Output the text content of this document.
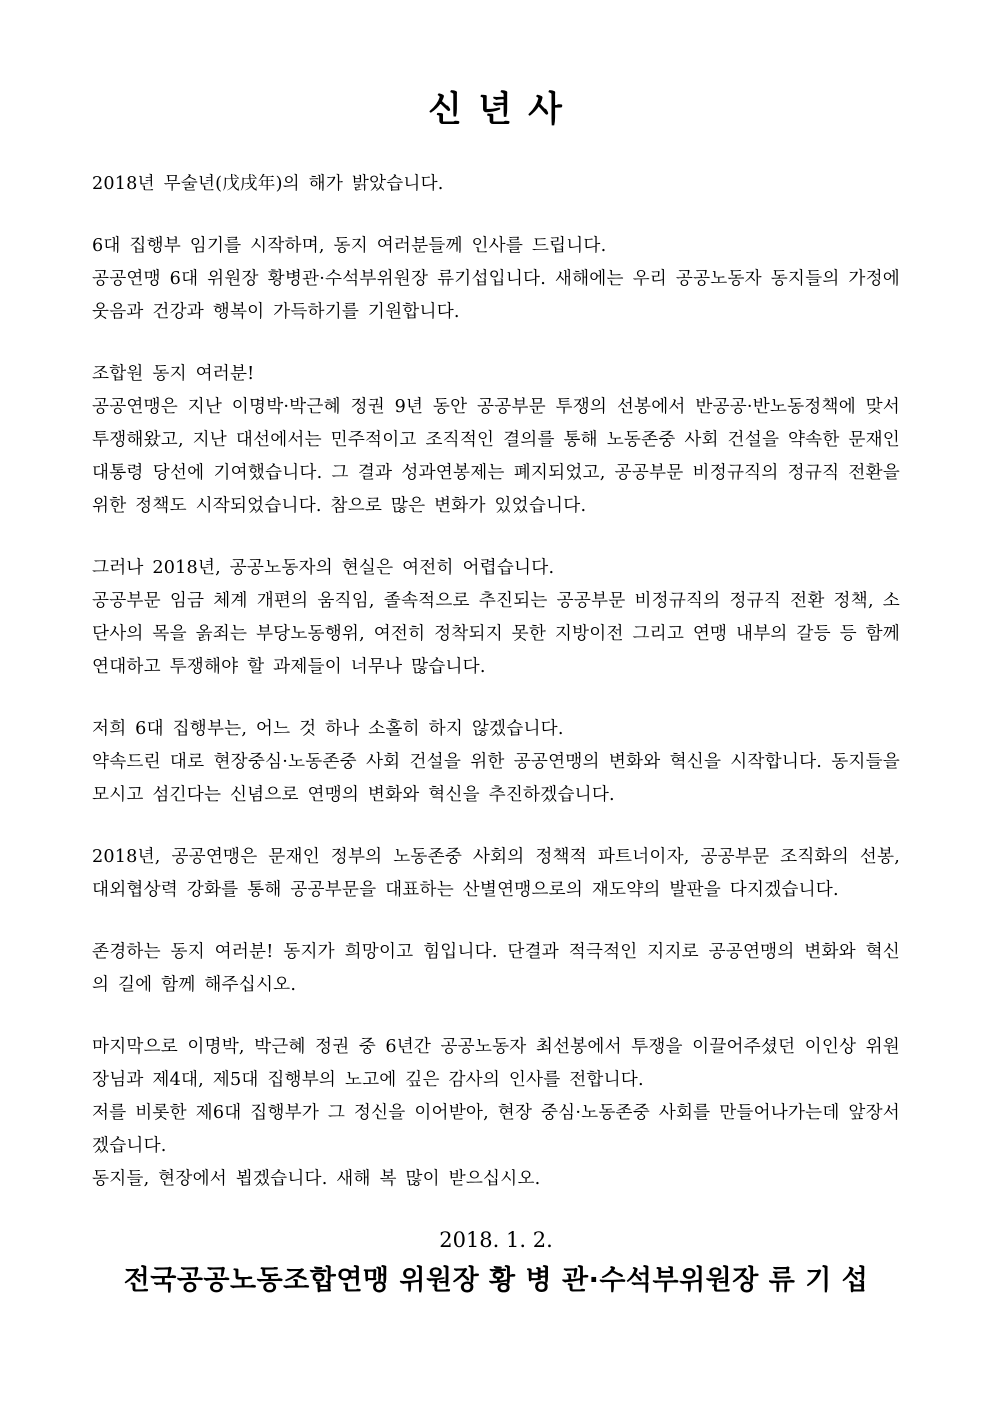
신 년 사

2018년 무술년(戊戌年)의 해가 밝았습니다.

6대 집행부 임기를 시작하며, 동지 여러분들께 인사를 드립니다.

공공연맹 6대 위원장 황병관·수석부위원장 류기섭입니다. 새해에는 우리 공공노동자 동지들의 가정에 웃음과 건강과 행복이 가득하기를 기원합니다.

조합원 동지 여러분!

공공연맹은 지난 이명박·박근혜 정권 9년 동안 공공부문 투쟁의 선봉에서 반공공·반노동정책에 맞서 투쟁해왔고, 지난 대선에서는 민주적이고 조직적인 결의를 통해 노동존중 사회 건설을 약속한 문재인 대통령 당선에 기여했습니다. 그 결과 성과연봉제는 폐지되었고, 공공부문 비정규직의 정규직 전환을 위한 정책도 시작되었습니다. 참으로 많은 변화가 있었습니다.

그러나 2018년, 공공노동자의 현실은 여전히 어렵습니다.

공공부문 임금 체계 개편의 움직임, 졸속적으로 추진되는 공공부문 비정규직의 정규직 전환 정책, 소단사의 목을 옭죄는 부당노동행위, 여전히 정착되지 못한 지방이전 그리고 연맹 내부의 갈등 등 함께 연대하고 투쟁해야 할 과제들이 너무나 많습니다.

저희 6대 집행부는, 어느 것 하나 소홀히 하지 않겠습니다.

약속드린 대로 현장중심·노동존중 사회 건설을 위한 공공연맹의 변화와 혁신을 시작합니다. 동지들을 모시고 섬긴다는 신념으로 연맹의 변화와 혁신을 추진하겠습니다.

2018년, 공공연맹은 문재인 정부의 노동존중 사회의 정책적 파트너이자, 공공부문 조직화의 선봉, 대외협상력 강화를 통해 공공부문을 대표하는 산별연맹으로의 재도약의 발판을 다지겠습니다.

존경하는 동지 여러분! 동지가 희망이고 힘입니다. 단결과 적극적인 지지로 공공연맹의 변화와 혁신의 길에 함께 해주십시오.

마지막으로 이명박, 박근혜 정권 중 6년간 공공노동자 최선봉에서 투쟁을 이끌어주셨던 이인상 위원장님과 제4대, 제5대 집행부의 노고에 깊은 감사의 인사를 전합니다.

저를 비롯한 제6대 집행부가 그 정신을 이어받아, 현장 중심·노동존중 사회를 만들어나가는데 앞장서겠습니다.

동지들, 현장에서 뵙겠습니다. 새해 복 많이 받으십시오.

2018. 1. 2.
전국공공노동조합연맹 위원장 황 병 관·수석부위원장 류 기 섭
